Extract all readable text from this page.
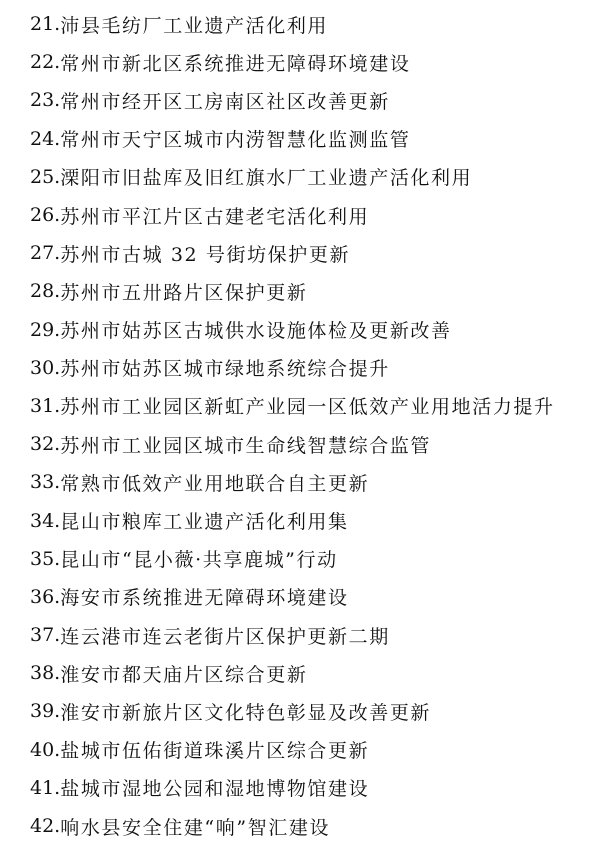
21. 沛县毛纺厂工业遗产活化利用
22. 常州市新北区系统推进无障碍环境建设
23. 常州市经开区工房南区社区改善更新
24. 常州市天宁区城市内涝智慧化监测监管
25. 溧阳市旧盐库及旧红旗水厂工业遗产活化利用
26. 苏州市平江片区古建老宅活化利用
27. 苏州市古城 32 号街坊保护更新
28. 苏州市五卅路片区保护更新
29. 苏州市姑苏区古城供水设施体检及更新改善
30. 苏州市姑苏区城市绿地系统综合提升
31. 苏州市工业园区新虹产业园一区低效产业用地活力提升
32. 苏州市工业园区城市生命线智慧综合监管
33. 常熟市低效产业用地联合自主更新
34. 昆山市粮库工业遗产活化利用集
35. 昆山市“昆小薇·共享鹿城”行动
36. 海安市系统推进无障碍环境建设
37. 连云港市连云老街片区保护更新二期
38. 淮安市都天庙片区综合更新
39. 淮安市新旅片区文化特色彰显及改善更新
40. 盐城市伍佑街道珠溪片区综合更新
41. 盐城市湿地公园和湿地博物馆建设
42. 响水县安全住建“响”智汇建设
